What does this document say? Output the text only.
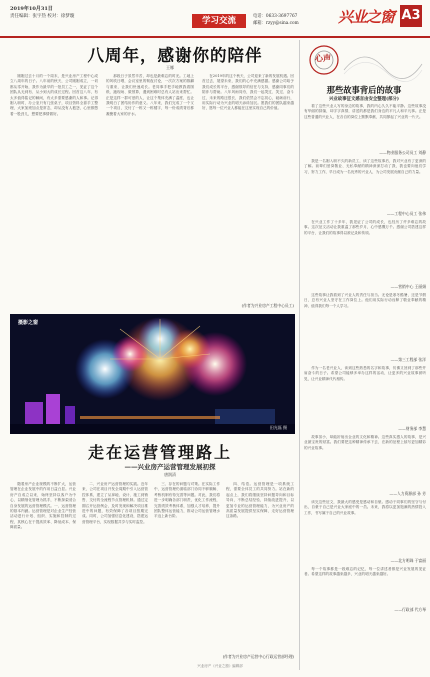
2019年10月31日
责任编辑：张宇热 校对：徐梦璇	学习交流	电话：0633-3697767
邮箱：rzyy@sina.com	兴业之窗 A3
八周年，感谢你的陪伴
王娜
刚刚过去十月的一个周末，是兴业房产工程中心成立八周年的日子。八年前的秋天，公司刚刚成立，一切都从零开始，我作为最早的一批员工之一，见证了这个团队从无到有、从小到大的成长过程。回首这八年，有太多值得铭记的瞬间，有太多需要感谢的人和事。记得刚入职时，办公室只有几张桌子，项目资料全靠手工整理，大家加班加点是常态，却从没有人抱怨，心里都憋着一股劲儿，想要把事情做好。
那段日子虽然辛苦，却也是最难忘的时光。工地上的风吹日晒，会议室里的彻夜讨论，一次次方案的推翻与重来，让我们快速成长。老同事手把手地教我看图纸、跑现场、做预算，遇到困难时总有人站出来帮忙。正是这样一群可爱的人，让这个集体充满了温度，也让我明白了团结协作的意义。八年来，我们完成了一个又一个项目，交付了一栋又一栋楼宇，每一份成绩背后都凝聚着大家的汗水。
在2019年的这个秋天，公司迎来了新的发展机遇。回首过去，展望未来，我们的心中充满感激。感谢公司给予我们成长的平台，感谢领导的信任与支持，感谢同事们的陪伴与帮助。八年风雨同舟，我们一起哭过、笑过、奋斗过，未来的路还很长，我们依然会不忘初心，砥砺前行，用实际行动为兴业的明天添砖加瓦。愿我们的团队越来越好，愿每一位兴业人都能在这里实现自己的价值。
(作者为兴业房产工程中心员工)
摄影之窗
田光磊 摄
走在运营管理路上
——兴业房产运营管理发展初探
唐润清
随着房产企业规模的不断扩大，运营管理在企业发展中的作用日益凸显。兴业房产自成立以来，始终坚持以客户为中心，以精细化管理为抓手，不断探索适合自身发展的运营管理模式。一、运营管理的基本内涵。运营管理是对企业生产经营活动进行计划、组织、实施和控制的过程，其核心在于提高效率、降低成本、保障质量。
二、兴业房产运营管理的实践。近年来，公司在项目开发全周期中引入运营管控体系，建立了从拿地、设计、施工到销售、交付的全流程节点管理机制。通过定期召开运营例会，及时发现和解决项目推进中的问题，有效保障了各项目按期完成。同时，公司加强信息化建设，搭建运营管理平台，实现数据共享与实时监控。
三、存在的问题与对策。在实际工作中，运营管理仍面临部门协同不够顺畅、考核机制有待完善等问题。对此，我们将进一步明确各部门职责，优化工作流程，完善绩效考核体系，加强人才培养，提升团队整体运营能力，推动公司运营管理水平迈上新台阶。
四、结语。运营管理是一项系统工程，需要全体员工的共同努力。站在新的起点上，我们将继续坚持问题导向和目标导向，不断总结经验，持续改进提升，以更加专业的运营管理能力，为兴业房产的高质量发展提供坚实保障，走好运营管理这条路。
(作者为兴业房产运营中心行政运营部经理)
心声
那些故事背后的故事
兴业故事征文感言由安全整理(部分)
看了这些兴业人写的身边的故事，我的内心久久不能平静。这些故事没有华丽的辞藻，却字字真情，讲述的都是我们身边的平凡人和平凡事。正是这些普通的兴业人，在各自的岗位上默默奉献，共同撑起了兴业的一片天。
——物业服务公司员工 刘静
我是一名刚入职不久的新员工，读了这些故事后，我对兴业有了更深的了解。前辈们爱岗敬业、无私奉献的精神深深打动了我，我也要向他们学习，努力工作，早日成为一名优秀的兴业人，为公司发展贡献自己的力量。
——工程中心员工 张伟
在兴业工作了十多年，我见证了公司的成长，也经历了许多难忘的故事。这次征文活动让我重温了那些岁月，心中感慨万千。感谢公司搭建这样的平台，让我们的故事得以被记录和传颂。
——营销中心 王丽娟
这些故事让我看到了兴业人的责任与担当。无论是寒冬酷暑，还是节假日，总有兴业人坚守在工作岗位上。他们用实际行动诠释了敬业奉献的精神，值得我们每一个人学习。
——第三工程部 张洋
作为一名老兴业人，读到这些熟悉的名字和故事，仿佛又回到了那些并肩奋斗的日子。希望公司能够多举办这样的活动，让更多的兴业故事被听见，让兴业精神代代相传。
——财务部 李慧
故事虽小，却能折射出企业的文化和精神。这些真实感人的故事，是兴业最宝贵的财富。我们要把这种精神传承下去，在新的征程上续写更加精彩的兴业故事。
——人力资源部 孙 芳
读完这些征文，我最大的感受是感动和自豪。感动于同事们的坚守与付出，自豪于自己是兴业大家庭中的一员。未来，我将以更加饱满的热情投入工作，书写属于自己的兴业故事。
——北方明珠 于富丽
每一个故事都是一段难忘的记忆，每一位讲述者都是兴业发展的见证者。希望这样的故事越来越多，兴业的明天越来越好。
——行政部 代方琴
兴业房产《兴业之窗》编辑部
